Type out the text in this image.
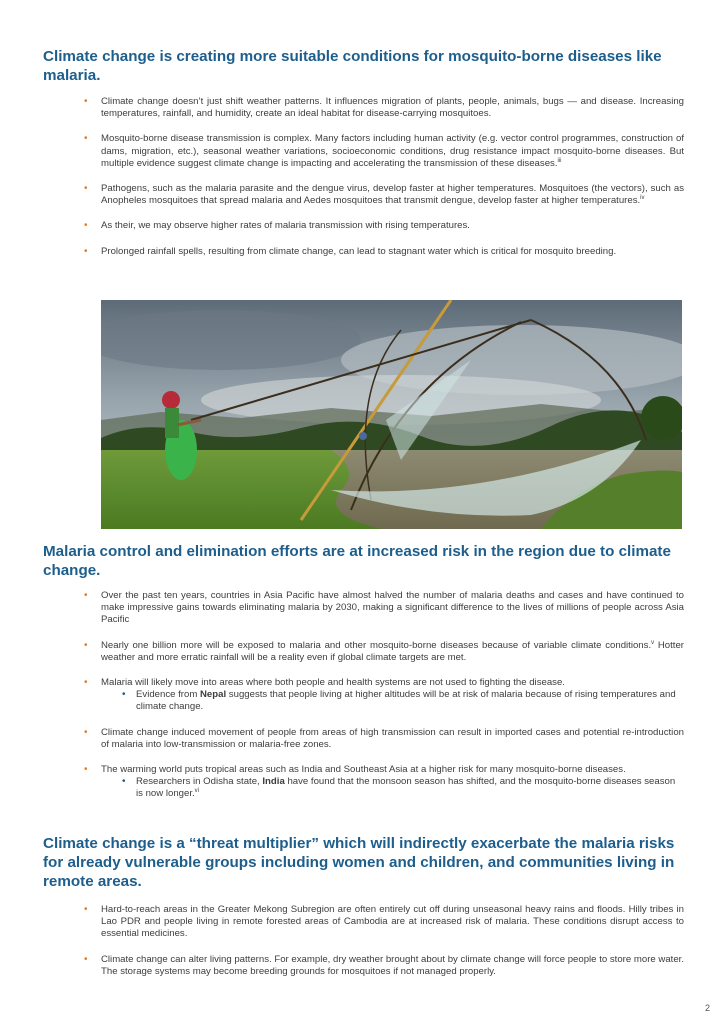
Climate change is creating more suitable conditions for mosquito-borne diseases like malaria.
• Climate change doesn’t just shift weather patterns. It influences migration of plants, people, animals, bugs — and disease. Increasing temperatures, rainfall, and humidity, create an ideal habitat for disease-carrying mosquitoes.
• Mosquito-borne disease transmission is complex. Many factors including human activity (e.g. vector control programmes, construction of dams, migration, etc.), seasonal weather variations, socioeconomic conditions, drug resistance impact mosquito-borne diseases. But multiple evidence suggest climate change is impacting and accelerating the transmission of these diseases.$^{iii}$
• Pathogens, such as the malaria parasite and the dengue virus, develop faster at higher temperatures. Mosquitoes (the vectors), such as Anopheles mosquitoes that spread malaria and Aedes mosquitoes that transmit dengue, develop faster at higher temperatures.$^{iv}$
• As their, we may observe higher rates of malaria transmission with rising temperatures.
• Prolonged rainfall spells, resulting from climate change, can lead to stagnant water which is critical for mosquito breeding.
Malaria control and elimination efforts are at increased risk in the region due to climate change.
• Over the past ten years, countries in Asia Pacific have almost halved the number of malaria deaths and cases and have continued to make impressive gains towards eliminating malaria by 2030, making a significant difference to the lives of millions of people across Asia Pacific
• Nearly one billion more will be exposed to malaria and other mosquito-borne diseases because of variable climate conditions.$^v$ Hotter weather and more erratic rainfall will be a reality even if global climate targets are met.
• Malaria will likely move into areas where both people and health systems are not used to fighting the disease.
• Evidence from Nepal suggests that people living at higher altitudes will be at risk of malaria because of rising temperatures and climate change.
• Climate change induced movement of people from areas of high transmission can result in imported cases and potential re-introduction of malaria into low-transmission or malaria-free zones.
• The warming world puts tropical areas such as India and Southeast Asia at a higher risk for many mosquito-borne diseases.
• Researchers in Odisha state, India have found that the monsoon season has shifted, and the mosquito-borne diseases season is now longer.$^{vi}$
Climate change is a “threat multiplier” which will indirectly exacerbate the malaria risks for already vulnerable groups including women and children, and communities living in remote areas.
• Hard-to-reach areas in the Greater Mekong Subregion are often entirely cut off during unseasonal heavy rains and floods. Hilly tribes in Lao PDR and people living in remote forested areas of Cambodia are at increased risk of malaria. These conditions disrupt access to essential medicines.
• Climate change can alter living patterns. For example, dry weather brought about by climate change will force people to store more water. The storage systems may become breeding grounds for mosquitoes if not managed properly.
2
